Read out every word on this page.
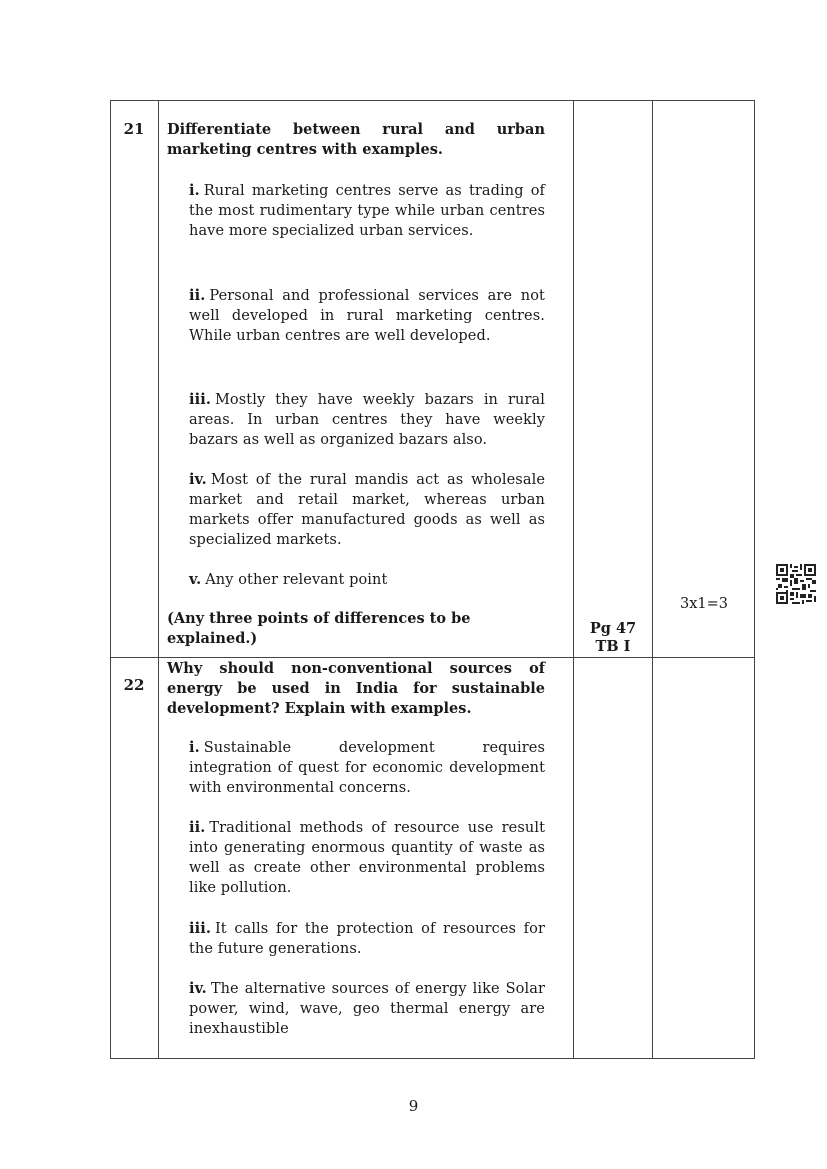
21	Differentiate between rural and urban marketing centres with examples.
i. Rural marketing centres serve as trading of the most rudimentary type while urban centres have more specialized urban services.
ii. Personal and professional services are not well developed in rural marketing centres. While urban centres are well developed.
iii. Mostly they have weekly bazars in rural areas. In urban centres they have weekly bazars as well as organized bazars also.
iv. Most of the rural mandis act as wholesale market and retail market, whereas urban markets offer manufactured goods as well as specialized markets.
v. Any other relevant point
(Any three points of differences to be explained.)
Pg 47
TB I
3x1=3
22
Why should non-conventional sources of energy be used in India for sustainable development? Explain with examples.
i. Sustainable development requires integration of quest for economic development with environmental concerns.
ii. Traditional methods of resource use result into generating enormous quantity of waste as well as create other environmental problems like pollution.
iii. It calls for the protection of resources for the future generations.
iv. The alternative sources of energy like Solar power, wind, wave, geo thermal energy are inexhaustible
9
